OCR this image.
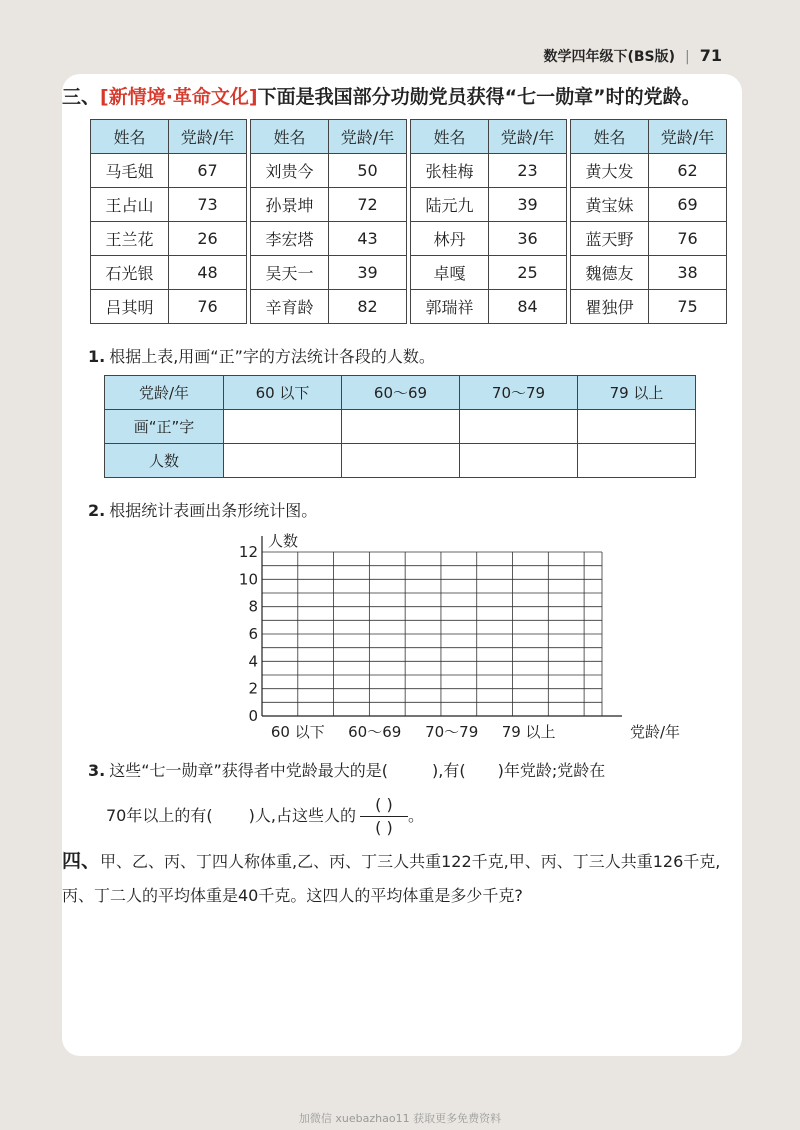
数学四年级下(BS版) | 71
三、[新情境·革命文化]下面是我国部分功勋党员获得“七一勋章”时的党龄。
姓名	党龄/年		姓名	党龄/年		姓名	党龄/年		姓名	党龄/年
马毛姐	67		刘贵今	50		张桂梅	23		黄大发	62
王占山	73		孙景坤	72		陆元九	39		黄宝妹	69
王兰花	26		李宏塔	43		林丹	36		蓝天野	76
石光银	48		吴天一	39		卓嘎	25		魏德友	38
吕其明	76		辛育龄	82		郭瑞祥	84		瞿独伊	75
1. 根据上表,用画“正”字的方法统计各段的人数。
党龄/年	60 以下	60～69	70～79	79 以上
画“正”字				
人数				
2. 根据统计表画出条形统计图。
0
2
4
6
8
10
12
人数
60 以下 60～69 70～79 79 以上	党龄/年
3. 这些“七一勋章”获得者中党龄最大的是(	),有( )年党龄;党龄在
70年以上的有( )人,占这些人的 $\frac{( )}{( )}$ 。
四、甲、乙、丙、丁四人称体重,乙、丙、丁三人共重122千克,甲、丙、丁三人共重126千克,丙、丁二人的平均体重是40千克。这四人的平均体重是多少千克?
加微信 xuebazhao11 获取更多免费资料
